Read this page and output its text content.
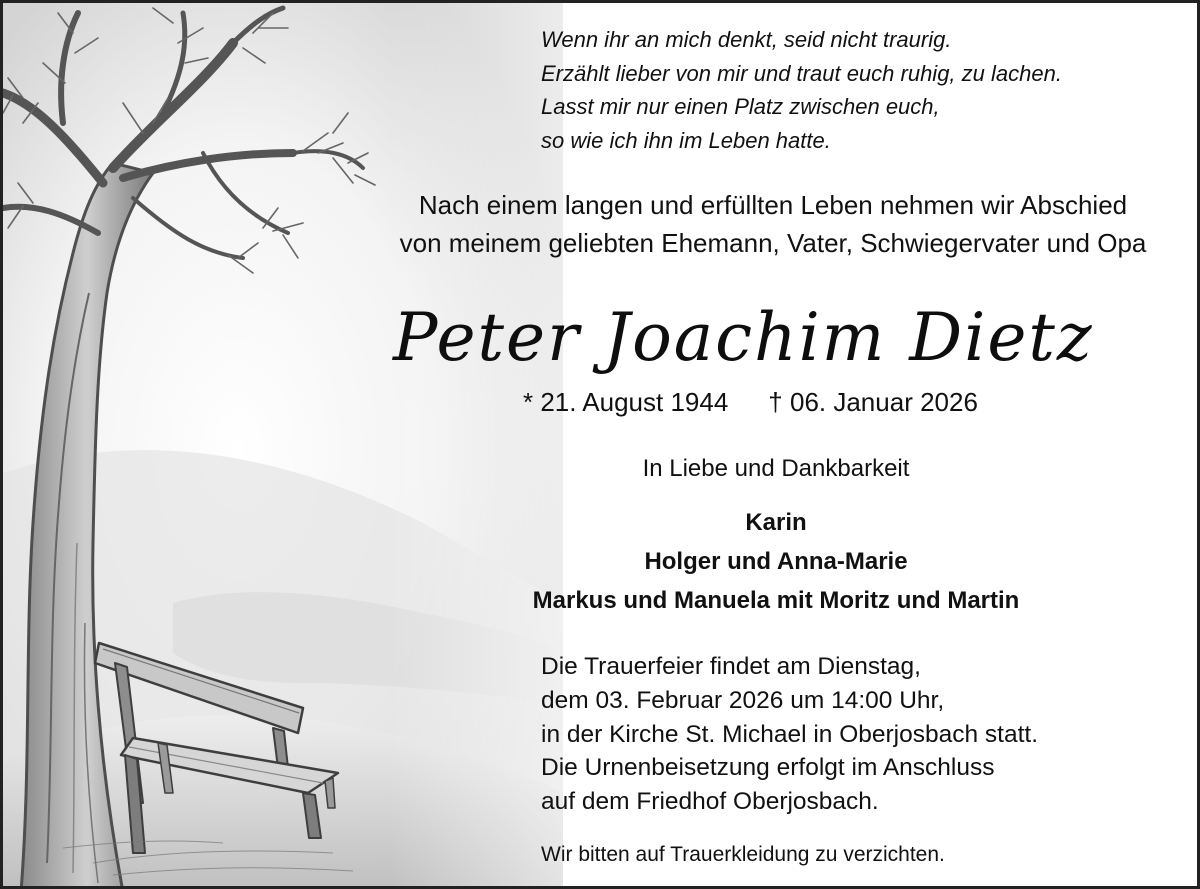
Wenn ihr an mich denkt, seid nicht traurig.
Erzählt lieber von mir und traut euch ruhig, zu lachen.
Lasst mir nur einen Platz zwischen euch,
so wie ich ihn im Leben hatte.
Nach einem langen und erfüllten Leben nehmen wir Abschied
von meinem geliebten Ehemann, Vater, Schwiegervater und Opa
Peter Joachim Dietz
* 21. August 1944 † 06. Januar 2026
In Liebe und Dankbarkeit
Karin
Holger und Anna-Marie
Markus und Manuela mit Moritz und Martin
Die Trauerfeier findet am Dienstag,
dem 03. Februar 2026 um 14:00 Uhr,
in der Kirche St. Michael in Oberjosbach statt.
Die Urnenbeisetzung erfolgt im Anschluss
auf dem Friedhof Oberjosbach.
Wir bitten auf Trauerkleidung zu verzichten.
